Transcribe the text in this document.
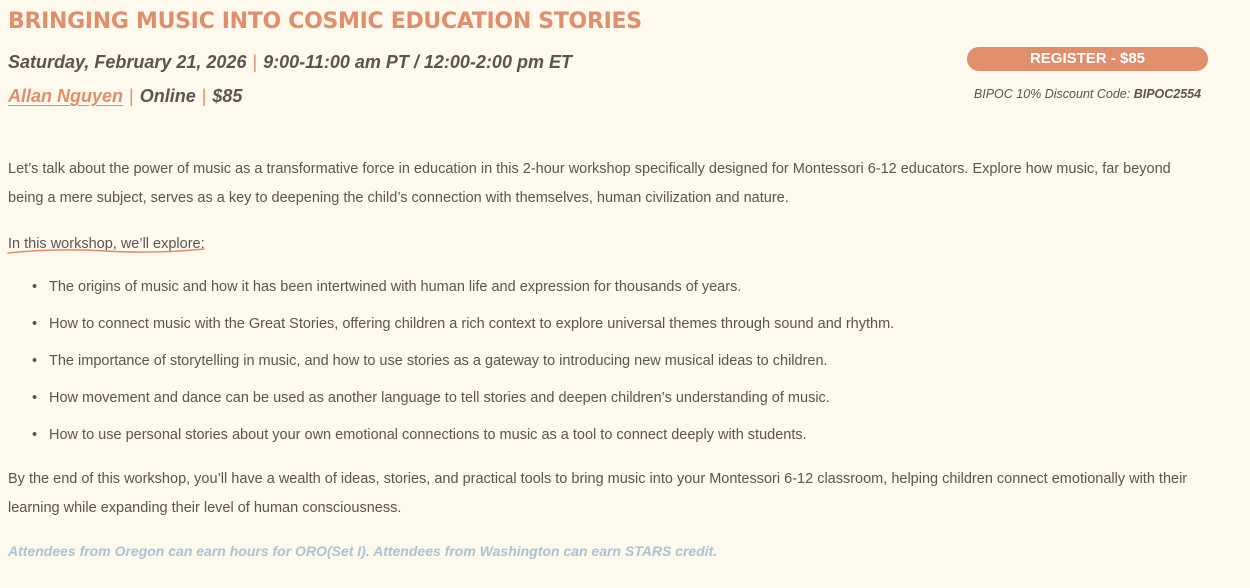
BRINGING MUSIC INTO COSMIC EDUCATION STORIES
Saturday, February 21, 2026 | 9:00-11:00 am PT / 12:00-2:00 pm ET
Allan Nguyen | Online | $85
REGISTER - $85
BIPOC 10% Discount Code: BIPOC2554

Let’s talk about the power of music as a transformative force in education in this 2-hour workshop specifically designed for Montessori 6-12 educators. Explore how music, far beyond being a mere subject, serves as a key to deepening the child’s connection with themselves, human civilization and nature.

In this workshop, we’ll explore:

• The origins of music and how it has been intertwined with human life and expression for thousands of years.
• How to connect music with the Great Stories, offering children a rich context to explore universal themes through sound and rhythm.
• The importance of storytelling in music, and how to use stories as a gateway to introducing new musical ideas to children.
• How movement and dance can be used as another language to tell stories and deepen children’s understanding of music.
• How to use personal stories about your own emotional connections to music as a tool to connect deeply with students.

By the end of this workshop, you’ll have a wealth of ideas, stories, and practical tools to bring music into your Montessori 6-12 classroom, helping children connect emotionally with their learning while expanding their level of human consciousness.

Attendees from Oregon can earn hours for ORO(Set I). Attendees from Washington can earn STARS credit.
